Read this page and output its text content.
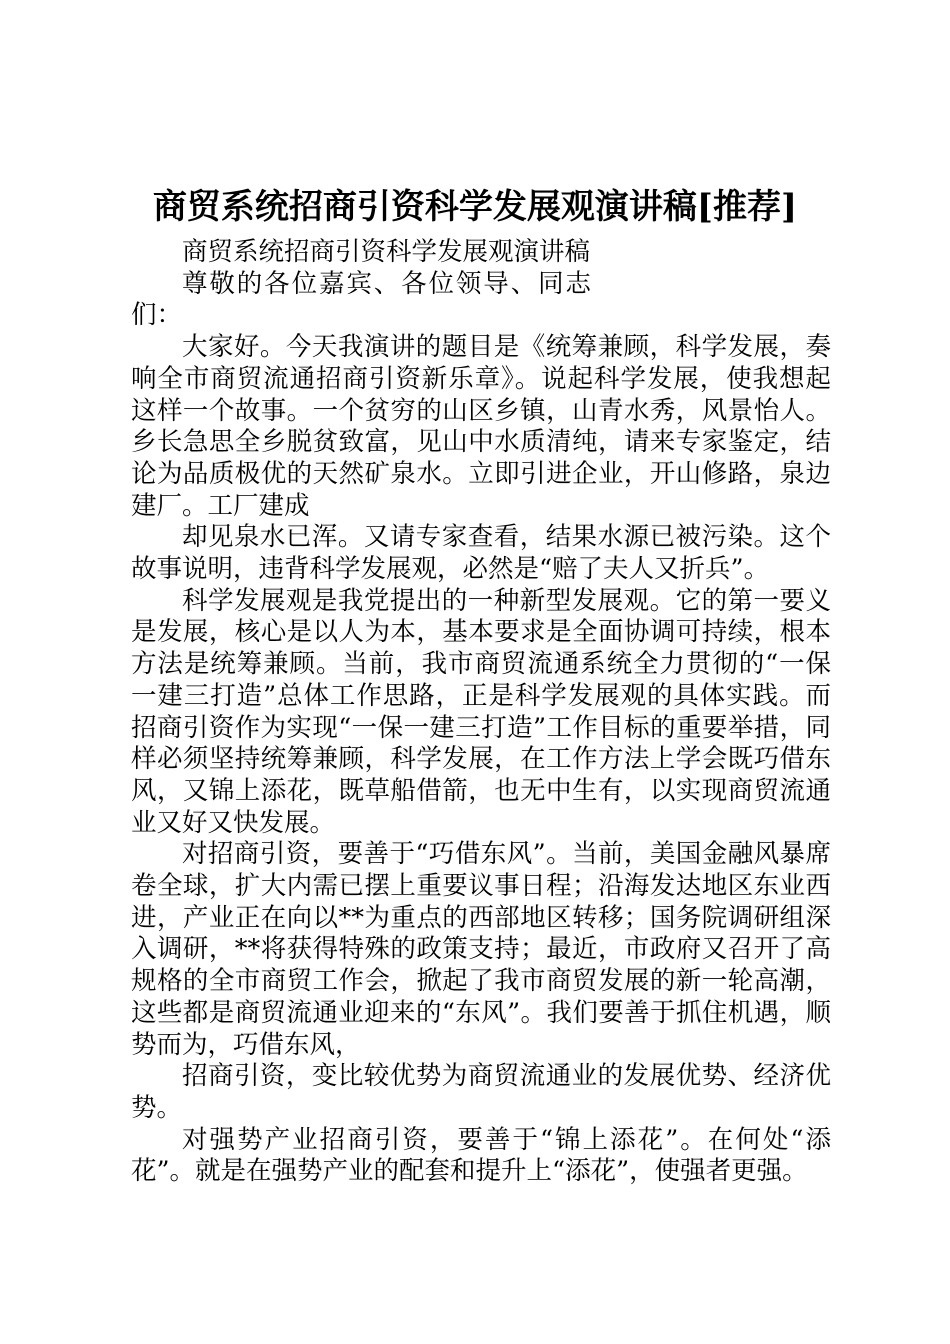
商贸系统招商引资科学发展观演讲稿[推荐]

商贸系统招商引资科学发展观演讲稿

尊敬的各位嘉宾、各位领导、同志们：

大家好。今天我演讲的题目是《统筹兼顾，科学发展，奏响全市商贸流通招商引资新乐章》。说起科学发展，使我想起这样一个故事。一个贫穷的山区乡镇，山青水秀，风景怡人。乡长急思全乡脱贫致富，见山中水质清纯，请来专家鉴定，结论为品质极优的天然矿泉水。立即引进企业，开山修路，泉边建厂。工厂建成

却见泉水已浑。又请专家查看，结果水源已被污染。这个故事说明，违背科学发展观，必然是“赔了夫人又折兵”。

科学发展观是我党提出的一种新型发展观。它的第一要义是发展，核心是以人为本，基本要求是全面协调可持续，根本方法是统筹兼顾。当前，我市商贸流通系统全力贯彻的“一保一建三打造”总体工作思路，正是科学发展观的具体实践。而招商引资作为实现“一保一建三打造”工作目标的重要举措，同样必须坚持统筹兼顾，科学发展，在工作方法上学会既巧借东风，又锦上添花，既草船借箭，也无中生有，以实现商贸流通业又好又快发展。

对招商引资，要善于“巧借东风”。当前，美国金融风暴席卷全球，扩大内需已摆上重要议事日程；沿海发达地区东业西进，产业正在向以**为重点的西部地区转移；国务院调研组深入调研，**将获得特殊的政策支持；最近，市政府又召开了高规格的全市商贸工作会，掀起了我市商贸发展的新一轮高潮，这些都是商贸流通业迎来的“东风”。我们要善于抓住机遇，顺势而为，巧借东风，

招商引资，变比较优势为商贸流通业的发展优势、经济优势。

对强势产业招商引资，要善于“锦上添花”。在何处“添花”。就是在强势产业的配套和提升上“添花”，使强者更强。
